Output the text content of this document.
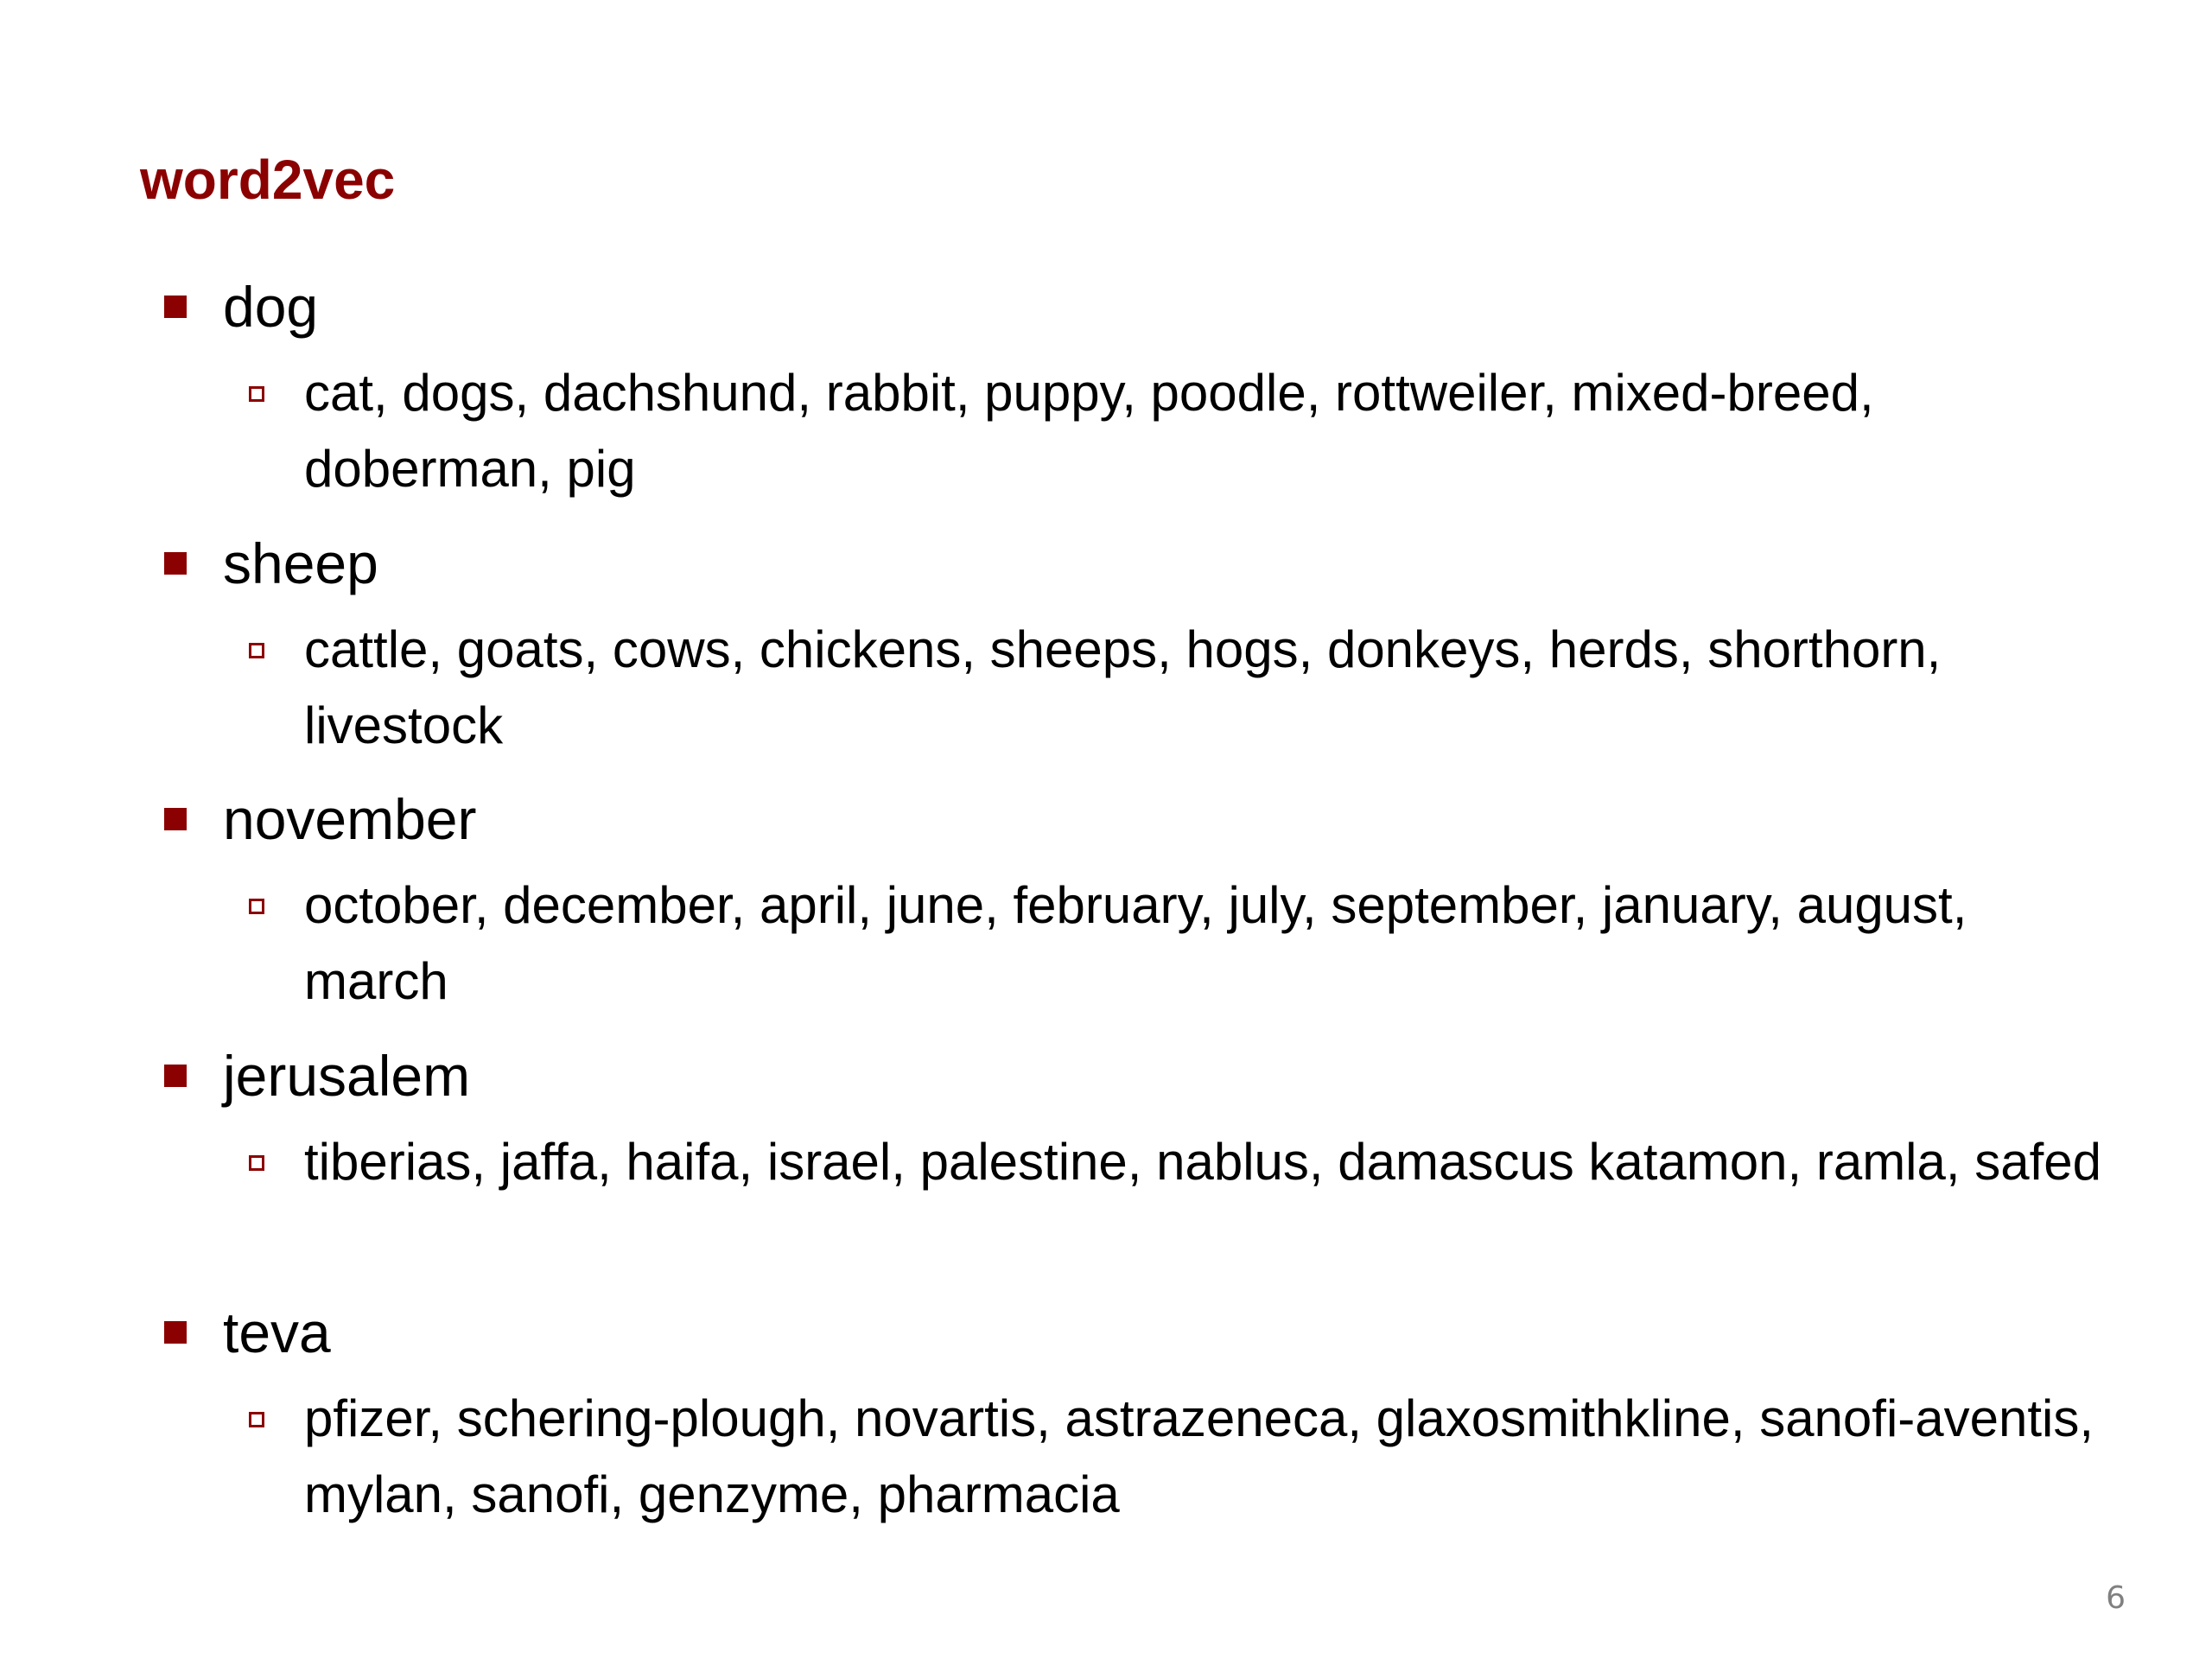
word2vec
dog

cat, dogs, dachshund, rabbit, puppy, poodle, rottweiler, mixed-breed, doberman, pig

sheep

cattle, goats, cows, chickens, sheeps, hogs, donkeys, herds, shorthorn, livestock

november

october, december, april, june, february, july, september, january, august, march

jerusalem

tiberias, jaffa, haifa, israel, palestine, nablus, damascus katamon, ramla, safed

teva

pfizer, schering-plough, novartis, astrazeneca, glaxosmithkline, sanofi-aventis, mylan, sanofi, genzyme, pharmacia

6
